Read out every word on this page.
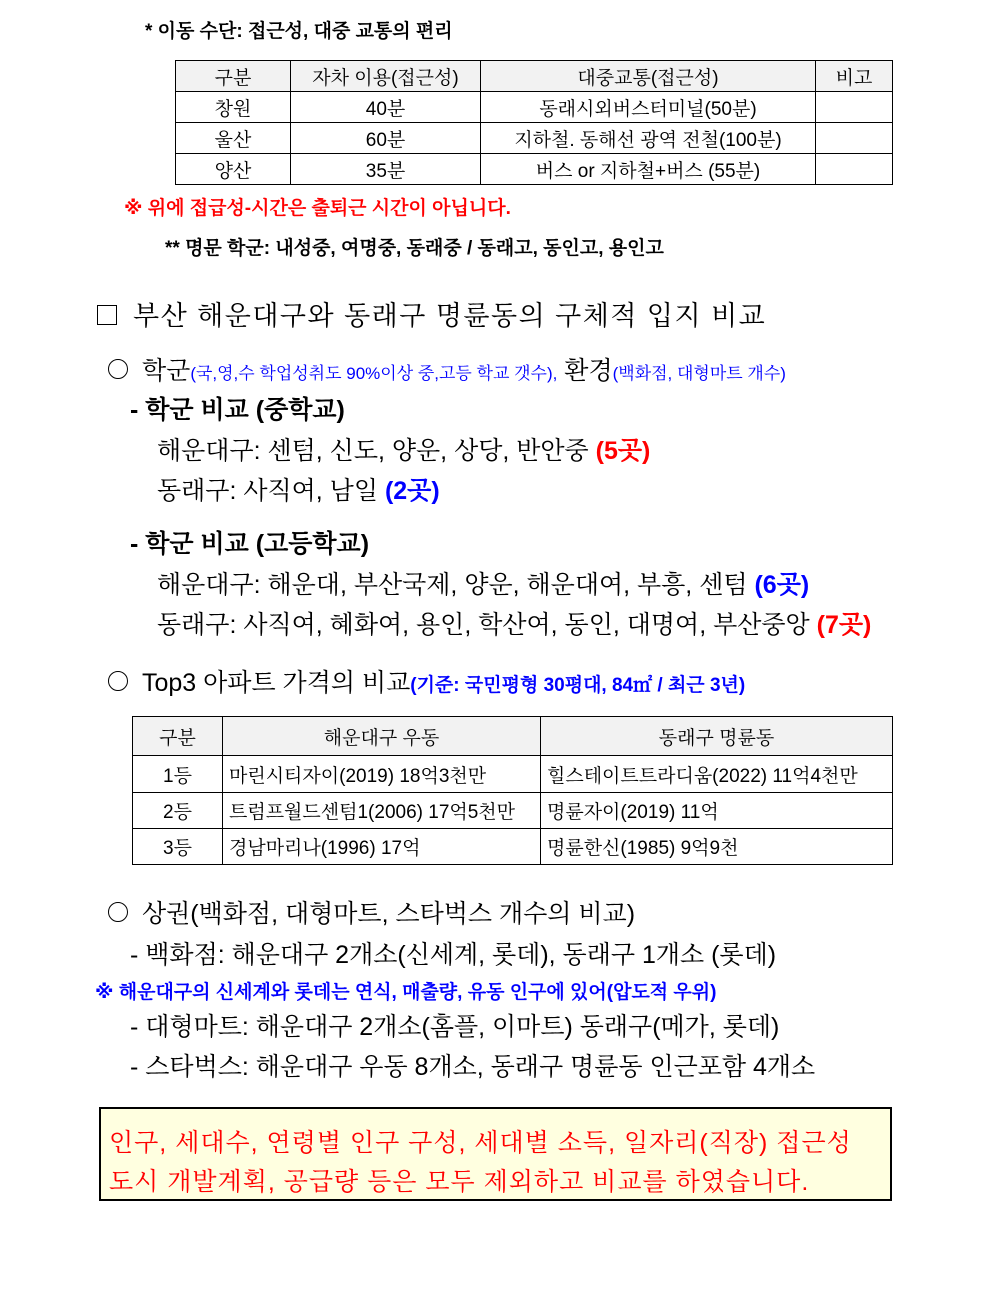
* 이동 수단: 접근성, 대중 교통의 편리
구분	자차 이용(접근성)	대중교통(접근성)	비고
창원	40분	동래시외버스터미널(50분)	
울산	60분	지하철. 동해선 광역 전철(100분)	
양산	35분	버스 or 지하철+버스 (55분)	
※ 위에 접급성-시간은 출퇴근 시간이 아닙니다.
** 명문 학군: 내성중, 여명중, 동래중 / 동래고, 동인고, 용인고
부산 해운대구와 동래구 명륜동의 구체적 입지 비교
학군(국,영,수 학업성취도 90%이상 중,고등 학교 갯수), 환경(백화점, 대형마트 개수)
- 학군 비교 (중학교)
해운대구: 센텀, 신도, 양운, 상당, 반안중 (5곳)
동래구: 사직여, 남일 (2곳)
- 학군 비교 (고등학교)
해운대구: 해운대, 부산국제, 양운, 해운대여, 부흥, 센텀 (6곳)
동래구: 사직여, 혜화여, 용인, 학산여, 동인, 대명여, 부산중앙 (7곳)
Top3 아파트 가격의 비교(기준: 국민평형 30평대, 84㎡ / 최근 3년)
구분	해운대구 우동	동래구 명륜동
1등	마린시티자이(2019) 18억3천만	힐스테이트트라디움(2022) 11억4천만
2등	트럼프월드센텀1(2006) 17억5천만	명륜자이(2019) 11억
3등	경남마리나(1996) 17억	명륜한신(1985) 9억9천
상권(백화점, 대형마트, 스타벅스 개수의 비교)
- 백화점: 해운대구 2개소(신세계, 롯데), 동래구 1개소 (롯데)
※ 해운대구의 신세계와 롯데는 연식, 매출량, 유동 인구에 있어(압도적 우위)
- 대형마트: 해운대구 2개소(홈플, 이마트) 동래구(메가, 롯데)
- 스타벅스: 해운대구 우동 8개소, 동래구 명륜동 인근포함 4개소
인구, 세대수, 연령별 인구 구성, 세대별 소득, 일자리(직장) 접근성
도시 개발계획, 공급량 등은 모두 제외하고 비교를 하였습니다.
